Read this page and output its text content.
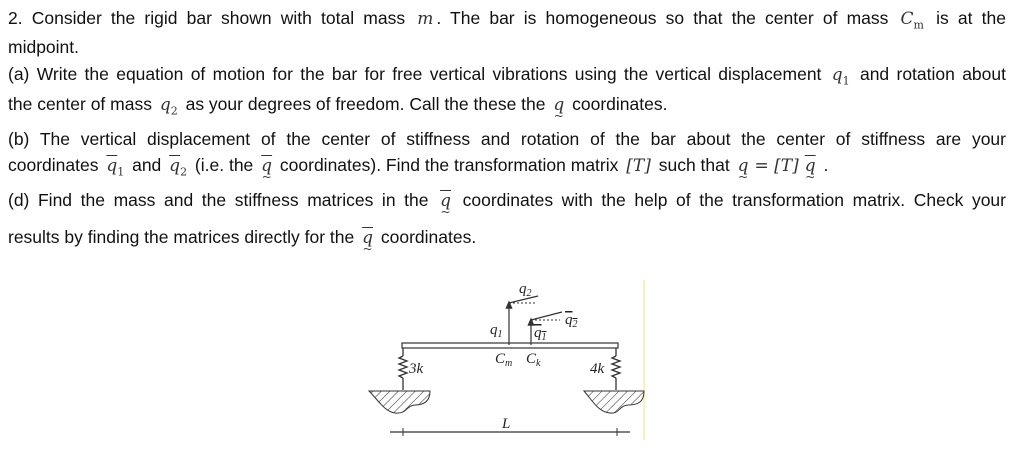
2. Consider the rigid bar shown with total mass m . The bar is homogeneous so that the center of mass $C_m$ is at the
midpoint.
(a) Write the equation of motion for the bar for free vertical vibrations using the vertical displacement $q_1$ and rotation about
the center of mass $q_2$ as your degrees of freedom. Call the these the q ~ coordinates.
(b) The vertical displacement of the center of stiffness and rotation of the bar about the center of stiffness are your
coordinates $\overline{q}_1$ and $\overline{q}_2$ (i.e. the $\overline{q}$ ~ coordinates). Find the transformation matrix [T] such that q ~ = [T] $\overline{q}$ ~ .
(d) Find the mass and the stiffness matrices in the $\overline{q}$ ~ coordinates with the help of the transformation matrix. Check your
results by finding the matrices directly for the $\overline{q}$ ~ coordinates.
$q_2$
$q_2$
$q_1$ $q_1$
$C_m$ $C_k$
3k	4k
L
